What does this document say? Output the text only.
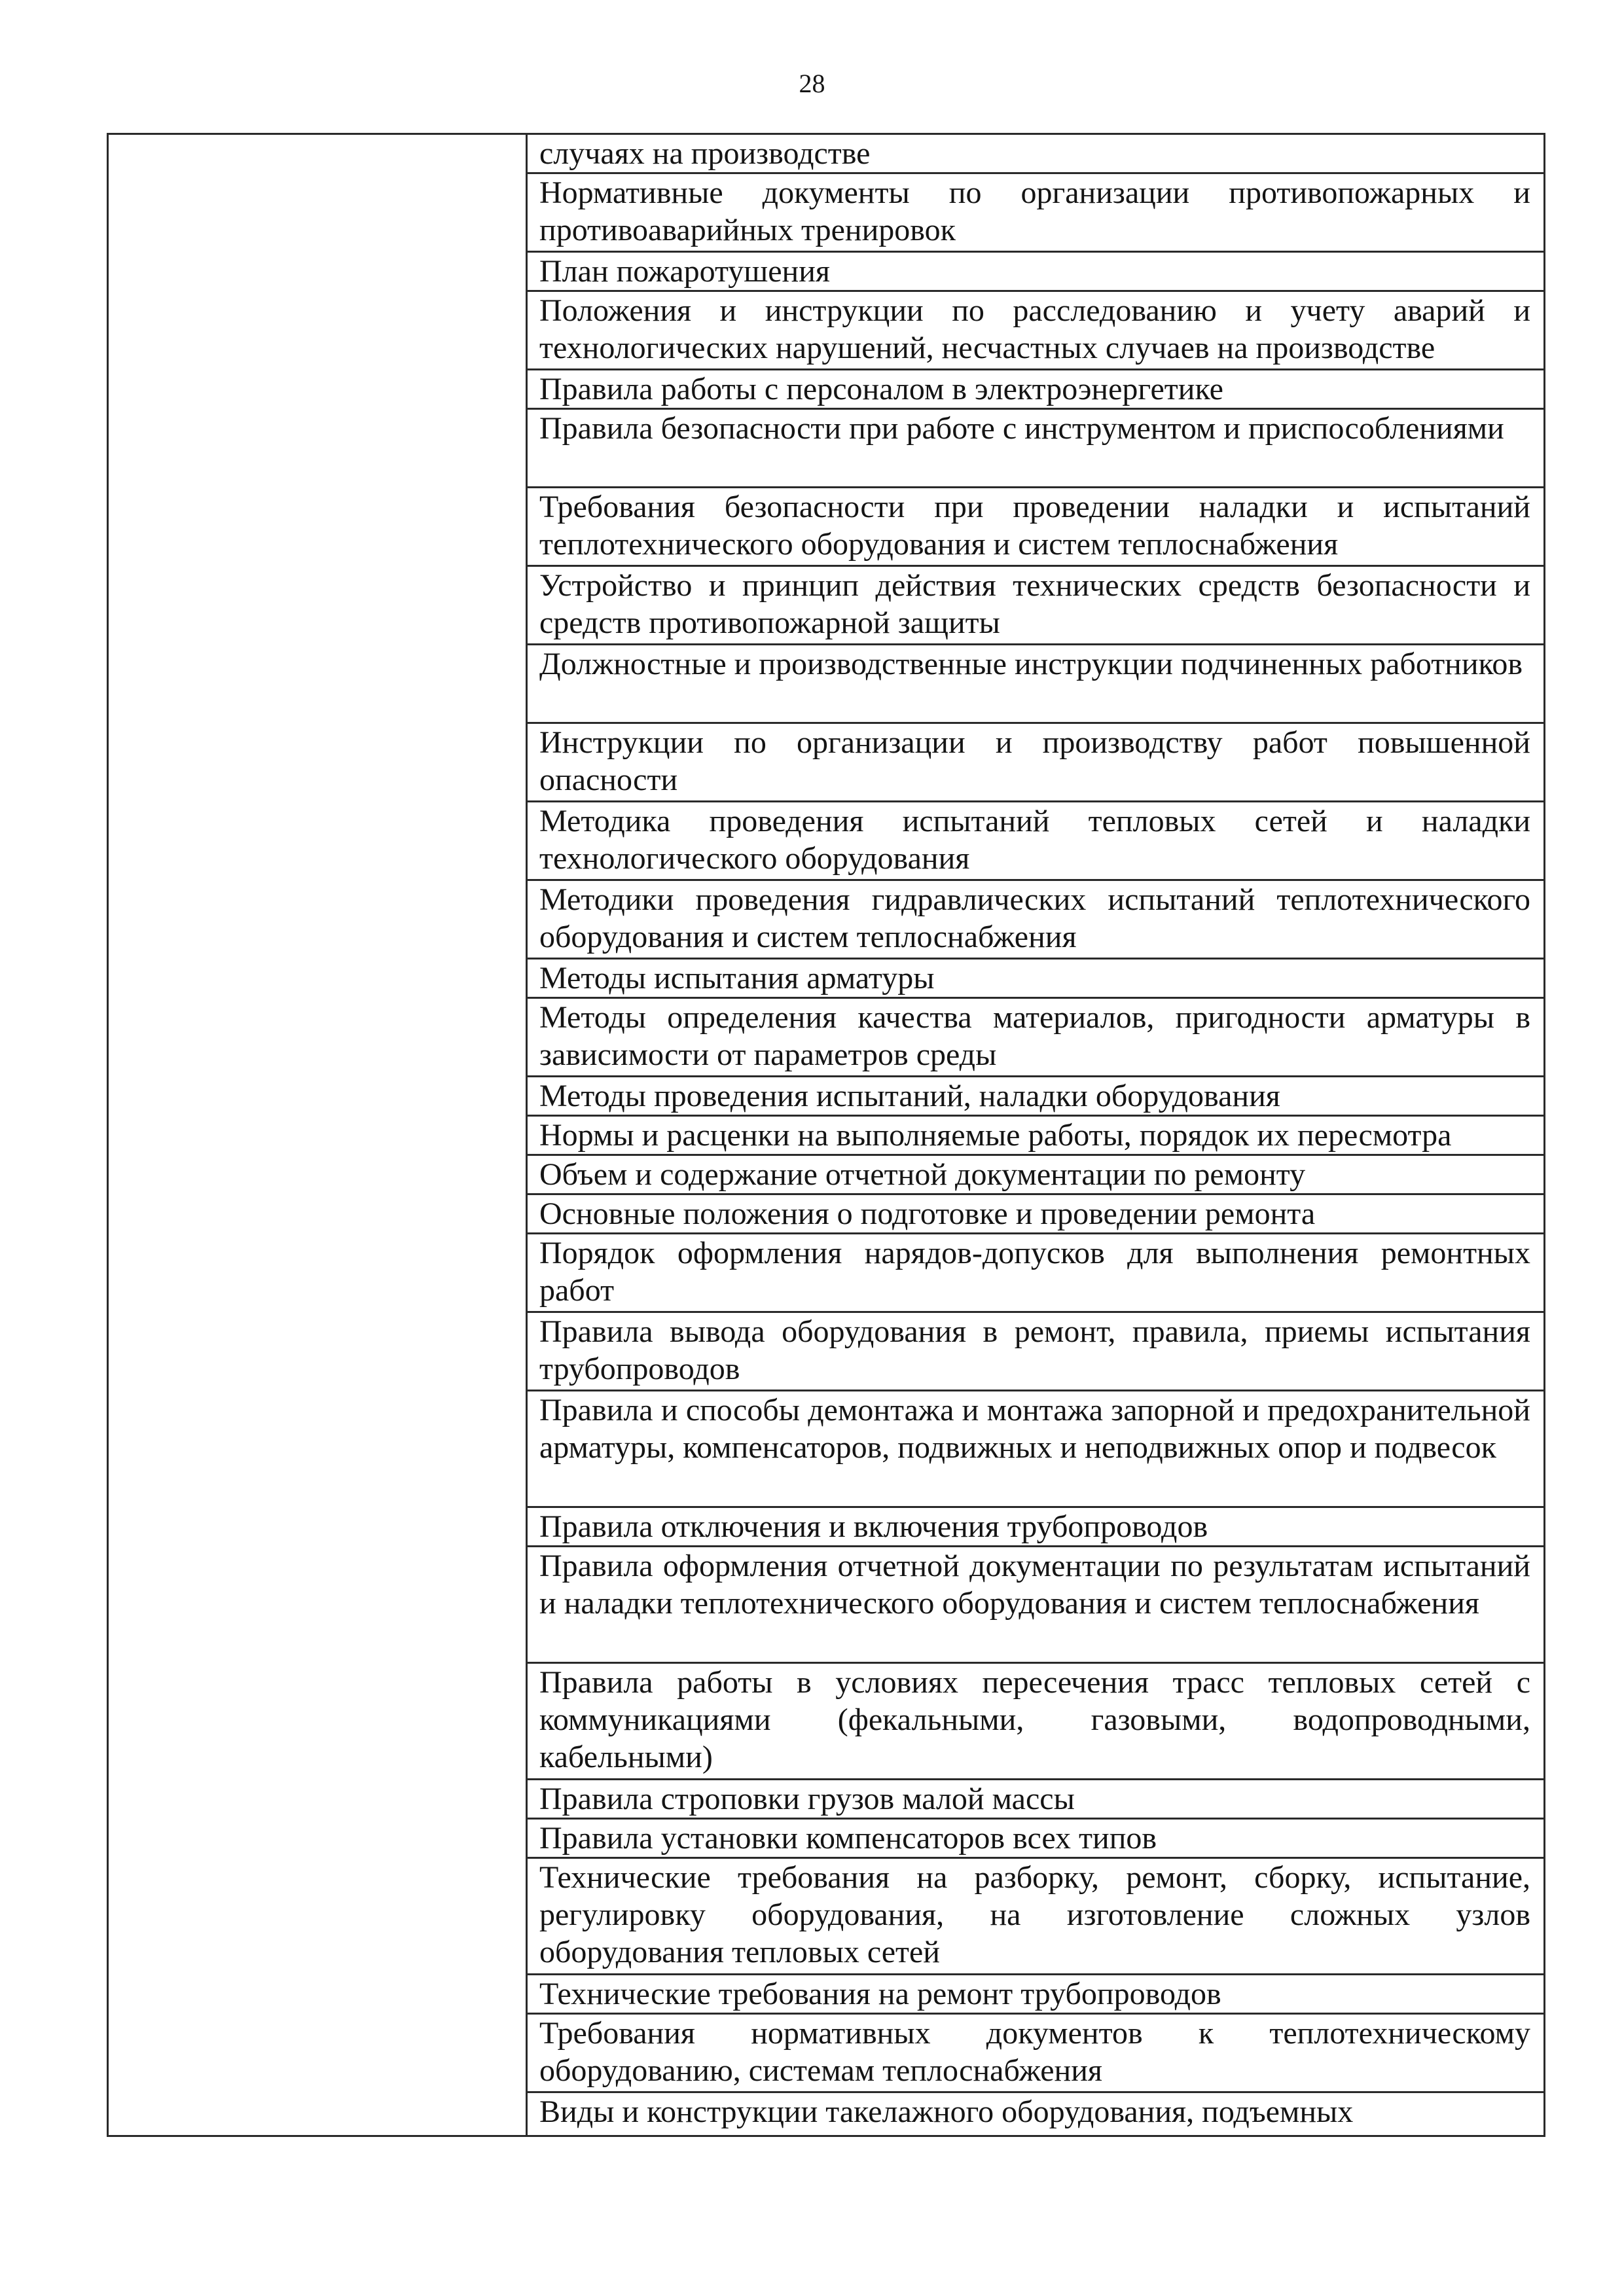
28

случаях на производстве

Нормативные документы по организации противопожарных и противоаварийных тренировок

План пожаротушения

Положения и инструкции по расследованию и учету аварий и технологических нарушений, несчастных случаев на производстве

Правила работы с персоналом в электроэнергетике

Правила безопасности при работе с инструментом и приспособлениями

Требования безопасности при проведении наладки и испытаний теплотехнического оборудования и систем теплоснабжения

Устройство и принцип действия технических средств безопасности и средств противопожарной защиты

Должностные и производственные инструкции подчиненных работников

Инструкции по организации и производству работ повышенной опасности

Методика проведения испытаний тепловых сетей и наладки технологического оборудования

Методики проведения гидравлических испытаний теплотехнического оборудования и систем теплоснабжения

Методы испытания арматуры

Методы определения качества материалов, пригодности арматуры в зависимости от параметров среды

Методы проведения испытаний, наладки оборудования

Нормы и расценки на выполняемые работы, порядок их пересмотра

Объем и содержание отчетной документации по ремонту

Основные положения о подготовке и проведении ремонта

Порядок оформления нарядов-допусков для выполнения ремонтных работ

Правила вывода оборудования в ремонт, правила, приемы испытания трубопроводов

Правила и способы демонтажа и монтажа запорной и предохранительной арматуры, компенсаторов, подвижных и неподвижных опор и подвесок

Правила отключения и включения трубопроводов

Правила оформления отчетной документации по результатам испытаний и наладки теплотехнического оборудования и систем теплоснабжения

Правила работы в условиях пересечения трасс тепловых сетей с коммуникациями (фекальными, газовыми, водопроводными, кабельными)

Правила строповки грузов малой массы

Правила установки компенсаторов всех типов

Технические требования на разборку, ремонт, сборку, испытание, регулировку оборудования, на изготовление сложных узлов оборудования тепловых сетей

Технические требования на ремонт трубопроводов

Требования нормативных документов к теплотехническому оборудованию, системам теплоснабжения

Виды и конструкции такелажного оборудования, подъемных
